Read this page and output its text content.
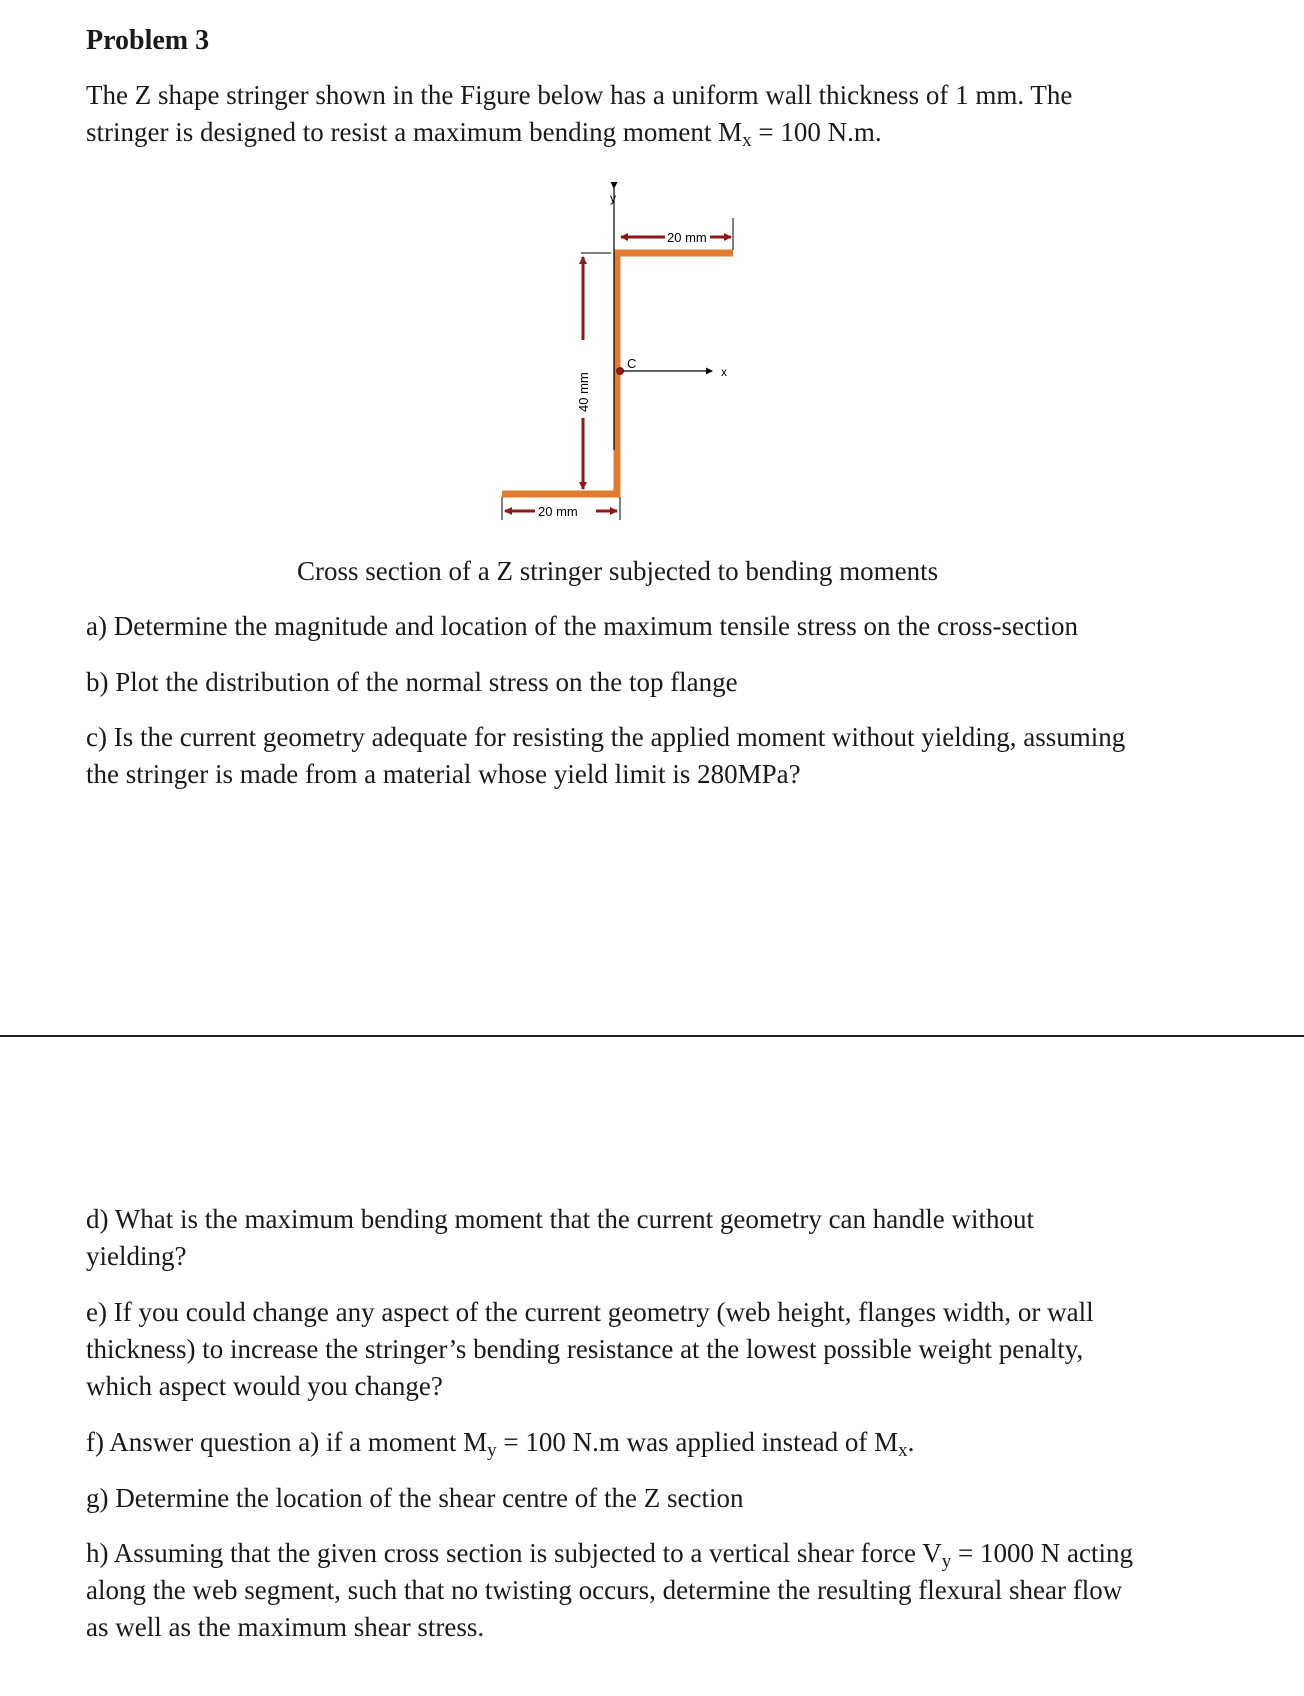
Problem 3

The Z shape stringer shown in the Figure below has a uniform wall thickness of 1 mm. The

stringer is designed to resist a maximum bending moment $M_x = 100$ N.m.

y
20 mm
40 mm
C
x
20 mm

Cross section of a Z stringer subjected to bending moments

a) Determine the magnitude and location of the maximum tensile stress on the cross-section

b) Plot the distribution of the normal stress on the top flange

c) Is the current geometry adequate for resisting the applied moment without yielding, assuming

the stringer is made from a material whose yield limit is 280MPa?

d) What is the maximum bending moment that the current geometry can handle without

yielding?

e) If you could change any aspect of the current geometry (web height, flanges width, or wall

thickness) to increase the stringer’s bending resistance at the lowest possible weight penalty,

which aspect would you change?

f) Answer question a) if a moment $M_y = 100$ N.m was applied instead of $M_x$.

g) Determine the location of the shear centre of the Z section

h) Assuming that the given cross section is subjected to a vertical shear force $V_y = 1000$ N acting

along the web segment, such that no twisting occurs, determine the resulting flexural shear flow

as well as the maximum shear stress.
